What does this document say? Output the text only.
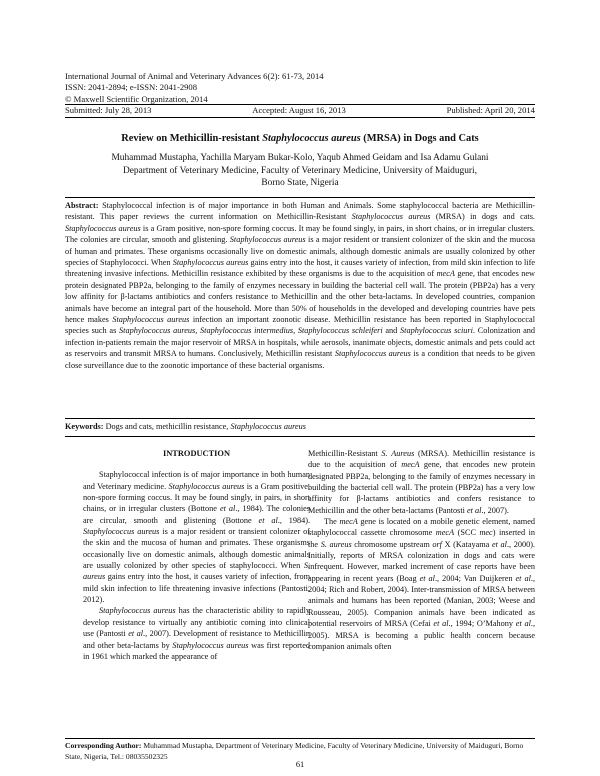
International Journal of Animal and Veterinary Advances 6(2): 61-73, 2014
ISSN: 2041-2894; e-ISSN: 2041-2908
© Maxwell Scientific Organization, 2014
Submitted: July 28, 2013	Accepted: August 16, 2013	Published: April 20, 2014
Review on Methicillin-resistant Staphylococcus aureus (MRSA) in Dogs and Cats
Muhammad Mustapha, Yachilla Maryam Bukar-Kolo, Yaqub Ahmed Geidam and Isa Adamu Gulani
Department of Veterinary Medicine, Faculty of Veterinary Medicine, University of Maiduguri,
Borno State, Nigeria
Abstract: Staphylococcal infection is of major importance in both Human and Animals. Some staphylococcal bacteria are Methicillin-resistant. This paper reviews the current information on Methicillin-Resistant Staphylococcus aureus (MRSA) in dogs and cats. Staphylococcus aureus is a Gram positive, non-spore forming coccus. It may be found singly, in pairs, in short chains, or in irregular clusters. The colonies are circular, smooth and glistening. Staphylococcus aureus is a major resident or transient colonizer of the skin and the mucosa of human and primates. These organisms occasionally live on domestic animals, although domestic animals are usually colonized by other species of Staphylococci. When Staphylococcus aureus gains entry into the host, it causes variety of infection, from mild skin infection to life threatening invasive infections. Methicillin resistance exhibited by these organisms is due to the acquisition of mecA gene, that encodes new protein designated PBP2a, belonging to the family of enzymes necessary in building the bacterial cell wall. The protein (PBP2a) has a very low affinity for β-lactams antibiotics and confers resistance to Methicillin and the other beta-lactams. In developed countries, companion animals have become an integral part of the household. More than 50% of households in the developed and developing countries have pets hence makes Staphylococcus aureus infection an important zoonotic disease. Methicillin resistance has been reported in Staphylococcal species such as Staphylococcus aureus, Staphylococcus intermedius, Staphylococcus schleiferi and Staphylococcus sciuri. Colonization and infection in-patients remain the major reservoir of MRSA in hospitals, while aerosols, inanimate objects, domestic animals and pets could act as reservoirs and transmit MRSA to humans. Conclusively, Methicillin resistant Staphylococcus aureus is a condition that needs to be given close surveillance due to the zoonotic importance of these bacterial organisms.
Keywords: Dogs and cats, methicillin resistance, Staphylococcus aureus
INTRODUCTION

Staphylococcal infection is of major importance in both human and Veterinary medicine. Staphylococcus aureus is a Gram positive, non-spore forming coccus. It may be found singly, in pairs, in short chains, or in irregular clusters (Bottone et al., 1984). The colonies are circular, smooth and glistening (Bottone et al., 1984). Staphylococcus aureus is a major resident or transient colonizer of the skin and the mucosa of human and primates. These organisms occasionally live on domestic animals, although domestic animals are usually colonized by other species of staphylococci. When S. aureus gains entry into the host, it causes variety of infection, from mild skin infection to life threatening invasive infections (Pantosti, 2012).

Staphylococcus aureus has the characteristic ability to rapidly develop resistance to virtually any antibiotic coming into clinical use (Pantosti et al., 2007). Development of resistance to Methicillin and other beta-lactams by Staphylococcus aureus was first reported in 1961 which marked the appearance of

Methicillin-Resistant S. Aureus (MRSA). Methicillin resistance is due to the acquisition of mecA gene, that encodes new protein designated PBP2a, belonging to the family of enzymes necessary in building the bacterial cell wall. The protein (PBP2a) has a very low affinity for β-lactams antibiotics and confers resistance to Methicillin and the other beta-lactams (Pantosti et al., 2007).

The mecA gene is located on a mobile genetic element, named staphylococcal cassette chromosome mecA (SCC mec) inserted in the S. aureus chromosome upstream orf X (Katayama et al., 2000). Initially, reports of MRSA colonization in dogs and cats were infrequent. However, marked increment of case reports have been appearing in recent years (Boag et al., 2004; Van Duijkeren et al., 2004; Rich and Robert, 2004). Inter-transmission of MRSA between animals and humans has been reported (Manian, 2003; Weese and Rousseau, 2005). Companion animals have been indicated as potential reservoirs of MRSA (Cefai et al., 1994; O’Mahony et al., 2005). MRSA is becoming a public health concern because companion animals often

Corresponding Author: Muhammad Mustapha, Department of Veterinary Medicine, Faculty of Veterinary Medicine, University of Maiduguri, Borno State, Nigeria, Tel.: 08035502325
61
